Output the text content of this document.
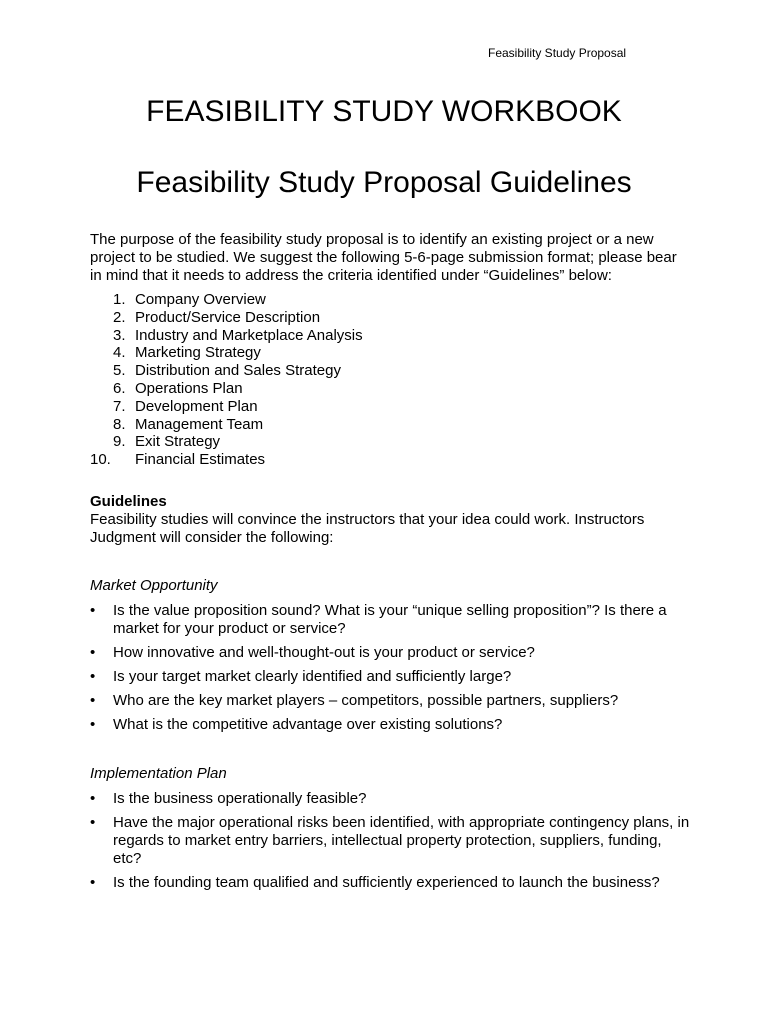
Feasibility Study Proposal
FEASIBILITY STUDY WORKBOOK
Feasibility Study Proposal Guidelines

The purpose of the feasibility study proposal is to identify an existing project or a new project to be studied. We suggest the following 5-6-page submission format; please bear in mind that it needs to address the criteria identified under “Guidelines” below:

1. Company Overview
2. Product/Service Description
3. Industry and Marketplace Analysis
4. Marketing Strategy
5. Distribution and Sales Strategy
6. Operations Plan
7. Development Plan
8. Management Team
9. Exit Strategy
10. Financial Estimates
Guidelines
Feasibility studies will convince the instructors that your idea could work. Instructors Judgment will consider the following:
Market Opportunity
• Is the value proposition sound? What is your “unique selling proposition”? Is there a market for your product or service?
• How innovative and well-thought-out is your product or service?
• Is your target market clearly identified and sufficiently large?
• Who are the key market players – competitors, possible partners, suppliers?
• What is the competitive advantage over existing solutions?
Implementation Plan
• Is the business operationally feasible?
• Have the major operational risks been identified, with appropriate contingency plans, in regards to market entry barriers, intellectual property protection, suppliers, funding, etc?
• Is the founding team qualified and sufficiently experienced to launch the business?
